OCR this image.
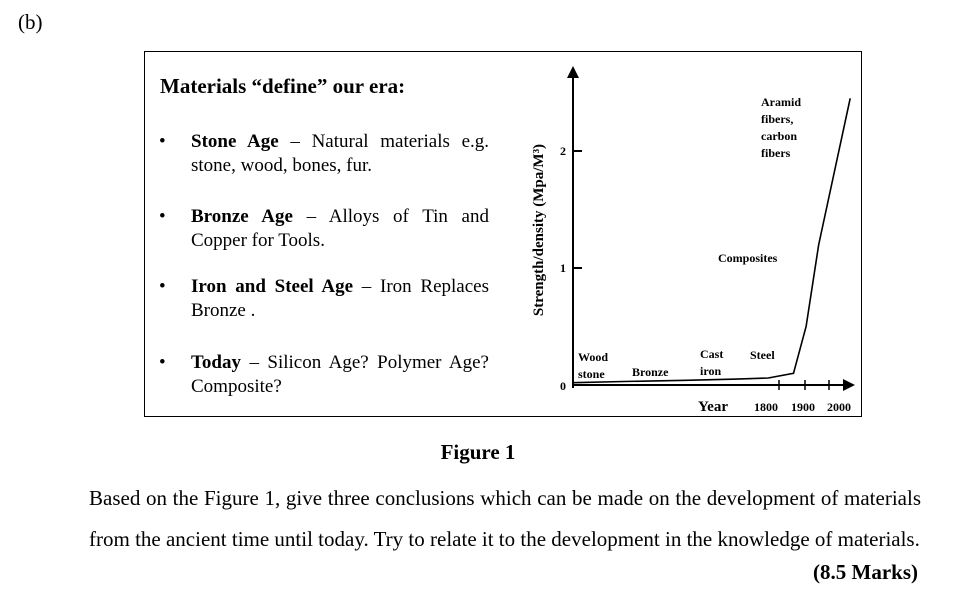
(b)
Materials “define” our era:
• Stone Age – Natural materials e.g. stone, wood, bones, fur.
• Bronze Age – Alloys of Tin and Copper for Tools.
• Iron and Steel Age – Iron Replaces Bronze .
• Today – Silicon Age? Polymer Age? Composite?	0
1
2
1800 1900 2000
Strength/density (Mpa/M³)
Year
Wood
stone Bronze
Cast
iron
Steel
Composites
Aramid
fibers,
carbon
fibers
Figure 1
Based on the Figure 1, give three conclusions which can be made on the development of materials from the ancient time until today. Try to relate it to the development in the knowledge of materials.
(8.5 Marks)
